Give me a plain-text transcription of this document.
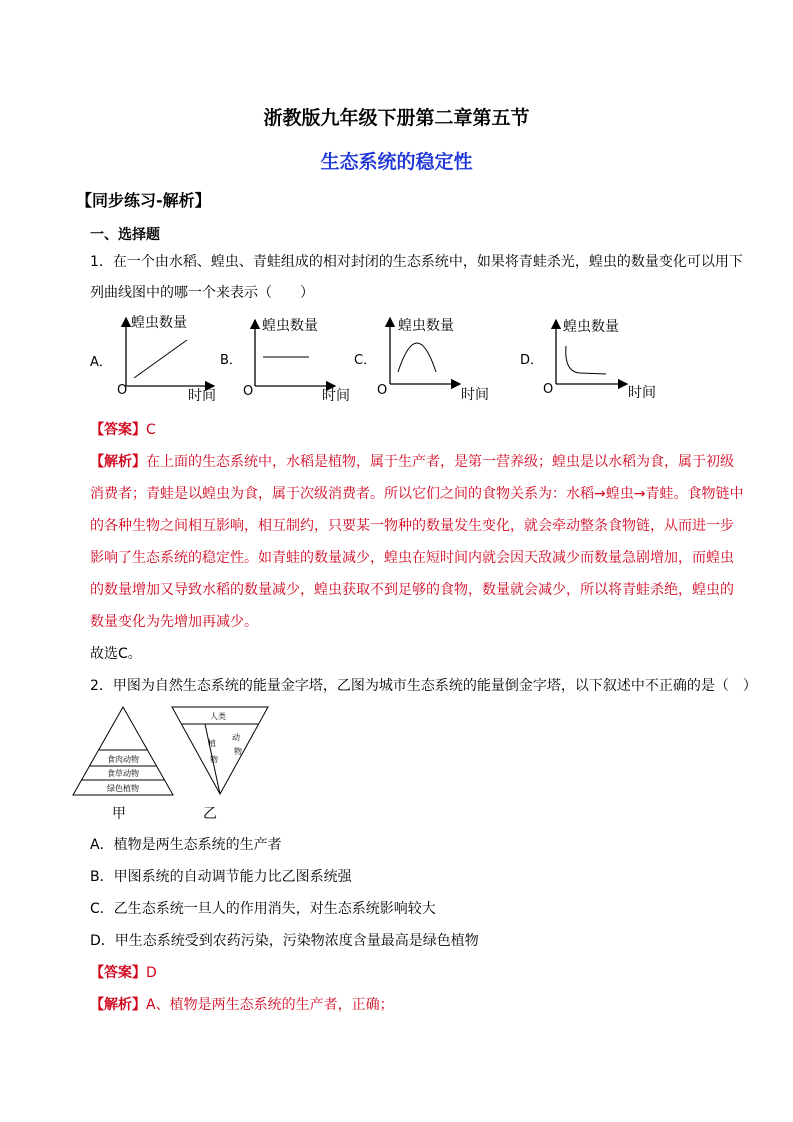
浙教版九年级下册第二章第五节
生态系统的稳定性
【同步练习-解析】
一、选择题
1．在一个由水稻、蝗虫、青蛙组成的相对封闭的生态系统中，如果将青蛙杀光，蝗虫的数量变化可以用下
列曲线图中的哪一个来表示（　　）
A．
蝗虫数量
时间
O
B．
蝗虫数量
时间
O
C．
蝗虫数量
时间
O
D．
蝗虫数量
时间
O
【答案】C
【解析】在上面的生态系统中，水稻是植物，属于生产者，是第一营养级；蝗虫是以水稻为食，属于初级
消费者；青蛙是以蝗虫为食，属于次级消费者。所以它们之间的食物关系为：水稻→蝗虫→青蛙。食物链中
的各种生物之间相互影响，相互制约，只要某一物种的数量发生变化，就会牵动整条食物链，从而进一步
影响了生态系统的稳定性。如青蛙的数量减少，蝗虫在短时间内就会因天敌减少而数量急剧增加，而蝗虫
的数量增加又导致水稻的数量减少，蝗虫获取不到足够的食物，数量就会减少，所以将青蛙杀绝，蝗虫的
数量变化为先增加再减少。
故选C。
2．甲图为自然生态系统的能量金字塔，乙图为城市生态系统的能量倒金字塔，以下叙述中不正确的是（　）
食肉动物
食草动物
绿色植物
甲
人类
植
物
动
物
乙
A．植物是两生态系统的生产者
B．甲图系统的自动调节能力比乙图系统强
C．乙生态系统一旦人的作用消失，对生态系统影响较大
D．甲生态系统受到农药污染，污染物浓度含量最高是绿色植物
【答案】D
【解析】A、植物是两生态系统的生产者，正确；
